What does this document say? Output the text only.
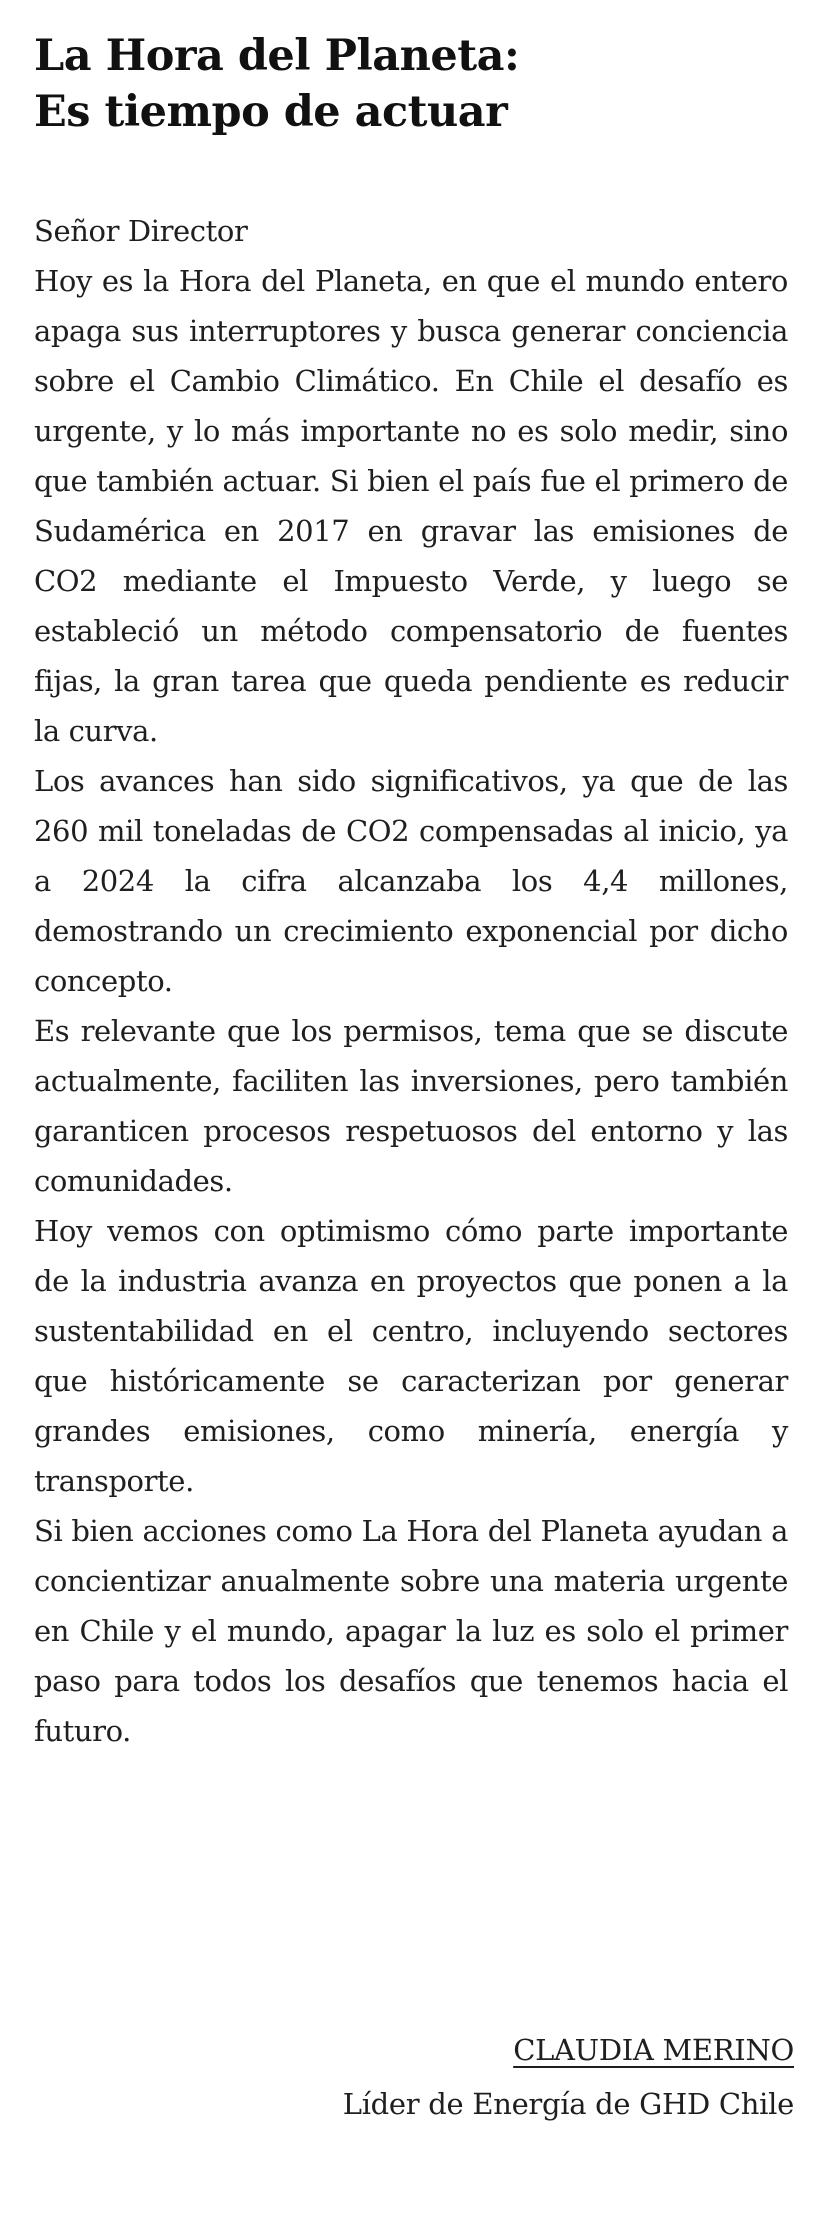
La Hora del Planeta:
Es tiempo de actuar
Señor Director
Hoy es la Hora del Planeta, en que el mundo entero apaga sus interruptores y busca generar conciencia sobre el Cambio Climático. En Chile el desafío es urgente, y lo más importante no es solo medir, sino que también actuar. Si bien el país fue el primero de Sudamérica en 2017 en gravar las emisiones de CO2 mediante el Impuesto Verde, y luego se estableció un método compensatorio de fuentes fijas, la gran tarea que queda pendiente es reducir la curva.
Los avances han sido significativos, ya que de las 260 mil toneladas de CO2 compensadas al inicio, ya a 2024 la cifra alcanzaba los 4,4 millones, demostrando un crecimiento exponencial por dicho concepto.
Es relevante que los permisos, tema que se discute actualmente, faciliten las inversiones, pero también garanticen procesos respetuosos del entorno y las comunidades.
Hoy vemos con optimismo cómo parte importante de la industria avanza en proyectos que ponen a la sustentabilidad en el centro, incluyendo sectores que históricamente se caracterizan por generar grandes emisiones, como minería, energía y transporte.
Si bien acciones como La Hora del Planeta ayudan a concientizar anualmente sobre una materia urgente en Chile y el mundo, apagar la luz es solo el primer paso para todos los desafíos que tenemos hacia el futuro.
CLAUDIA MERINO
Líder de Energía de GHD Chile
